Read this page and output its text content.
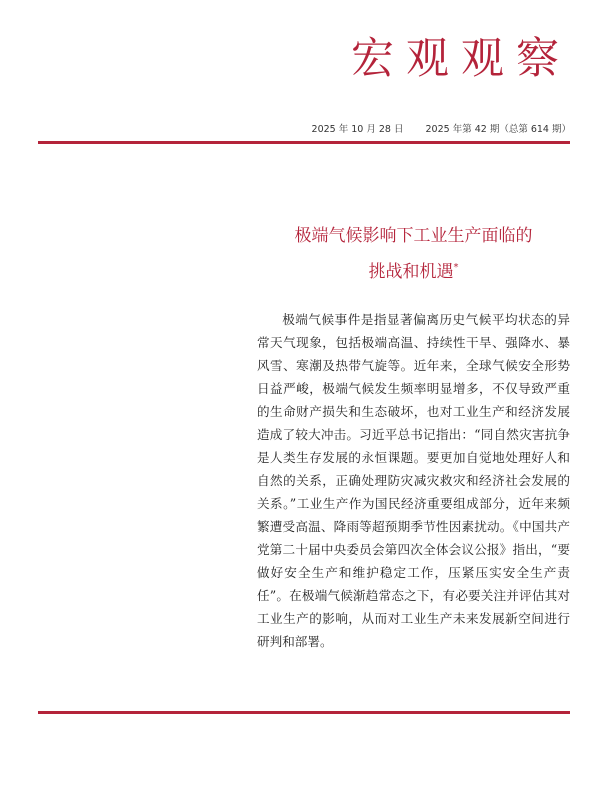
宏观观察
2025 年 10 月 28 日 2025 年第 42 期（总第 614 期）
极端气候影响下工业生产面临的
挑战和机遇*

极端气候事件是指显著偏离历史气候平均状态的异常天气现象，包括极端高温、持续性干旱、强降水、暴风雪、寒潮及热带气旋等。近年来，全球气候安全形势日益严峻，极端气候发生频率明显增多，不仅导致严重的生命财产损失和生态破坏，也对工业生产和经济发展造成了较大冲击。习近平总书记指出：“同自然灾害抗争是人类生存发展的永恒课题。要更加自觉地处理好人和自然的关系，正确处理防灾减灾救灾和经济社会发展的关系。”工业生产作为国民经济重要组成部分，近年来频繁遭受高温、降雨等超预期季节性因素扰动。《中国共产党第二十届中央委员会第四次全体会议公报》指出，“要做好安全生产和维护稳定工作，压紧压实安全生产责任”。在极端气候渐趋常态之下，有必要关注并评估其对工业生产的影响，从而对工业生产未来发展新空间进行研判和部署。
